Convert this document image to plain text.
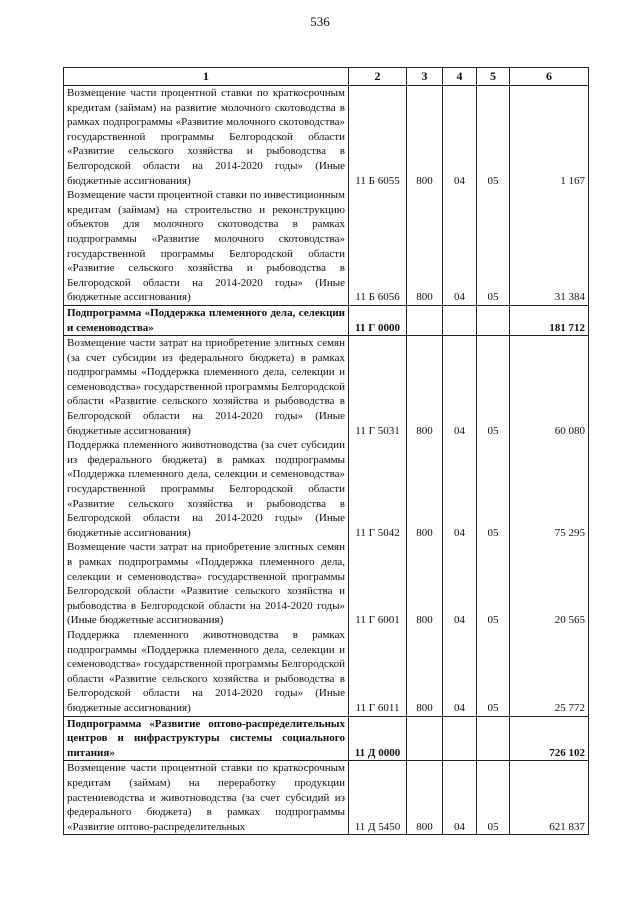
536
1	2	3	4	5	6
Возмещение части процентной ставки по краткосрочным кредитам (займам) на развитие молочного скотоводства в рамках подпрограммы «Развитие молочного скотоводства» государственной программы Белгородской области «Развитие сельского хозяйства и рыбоводства в Белгородской области на 2014-2020 годы» (Иные бюджетные ассигнования)	11 Б 6055	800	04	05	1 167
Возмещение части процентной ставки по инвестиционным кредитам (займам) на строительство и реконструкцию объектов для молочного скотоводства в рамках подпрограммы «Развитие молочного скотоводства» государственной программы Белгородской области «Развитие сельского хозяйства и рыбоводства в Белгородской области на 2014-2020 годы» (Иные бюджетные ассигнования)	11 Б 6056	800	04	05	31 384
Подпрограмма «Поддержка племенного дела, селекции и семеноводства»	11 Г 0000				181 712
Возмещение части затрат на приобретение элитных семян (за счет субсидии из федерального бюджета) в рамках подпрограммы «Поддержка племенного дела, селекции и семеноводства» государственной программы Белгородской области «Развитие сельского хозяйства и рыбоводства в Белгородской области на 2014-2020 годы» (Иные бюджетные ассигнования)	11 Г 5031	800	04	05	60 080
Поддержка племенного животноводства (за счет субсидии из федерального бюджета) в рамках подпрограммы «Поддержка племенного дела, селекции и семеноводства» государственной программы Белгородской области «Развитие сельского хозяйства и рыбоводства в Белгородской области на 2014-2020 годы» (Иные бюджетные ассигнования)	11 Г 5042	800	04	05	75 295
Возмещение части затрат на приобретение элитных семян в рамках подпрограммы «Поддержка племенного дела, селекции и семеноводства» государственной программы Белгородской области «Развитие сельского хозяйства и рыбоводства в Белгородской области на 2014-2020 годы» (Иные бюджетные ассигнования)	11 Г 6001	800	04	05	20 565
Поддержка племенного животноводства в рамках подпрограммы «Поддержка племенного дела, селекции и семеноводства» государственной программы Белгородской области «Развитие сельского хозяйства и рыбоводства в Белгородской области на 2014-2020 годы» (Иные бюджетные ассигнования)	11 Г 6011	800	04	05	25 772
Подпрограмма «Развитие оптово-распределительных центров и инфраструктуры системы социального питания»	11 Д 0000				726 102
Возмещение части процентной ставки по краткосрочным кредитам (займам) на переработку продукции растениеводства и животноводства (за счет субсидий из федерального бюджета) в рамках подпрограммы «Развитие оптово-распределительных	11 Д 5450	800	04	05	621 837
